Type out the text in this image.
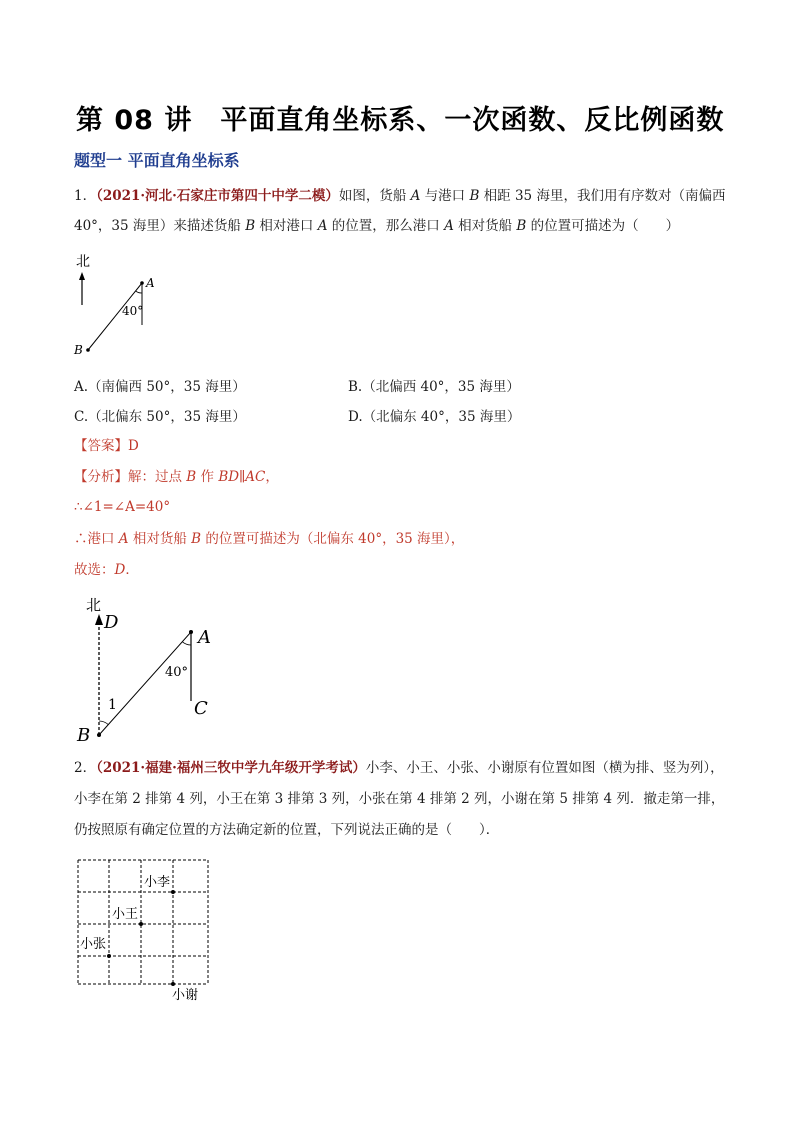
第 08 讲　平面直角坐标系、一次函数、反比例函数
题型一 平面直角坐标系
1．（2021·河北·石家庄市第四十中学二模）如图，货船 A 与港口 B 相距 35 海里，我们用有序数对（南偏西
40°，35 海里）来描述货船 B 相对港口 A 的位置，那么港口 A 相对货船 B 的位置可描述为（　　）
北
A
B
40°
A.（南偏西 50°，35 海里）	B.（北偏西 40°，35 海里）
C.（北偏东 50°，35 海里）	D.（北偏东 40°，35 海里）
【答案】D
【分析】解：过点 B 作 BD∥AC，
∴∠1=∠A=40°
∴港口 A 相对货船 B 的位置可描述为（北偏东 40°，35 海里），
故选：D．
北
D
A
C
B
40°
1
2．（2021·福建·福州三牧中学九年级开学考试）小李、小王、小张、小谢原有位置如图（横为排、竖为列），
小李在第 2 排第 4 列，小王在第 3 排第 3 列，小张在第 4 排第 2 列，小谢在第 5 排第 4 列．撤走第一排，
仍按照原有确定位置的方法确定新的位置，下列说法正确的是（　　）．
小李
小王
小张
小谢
